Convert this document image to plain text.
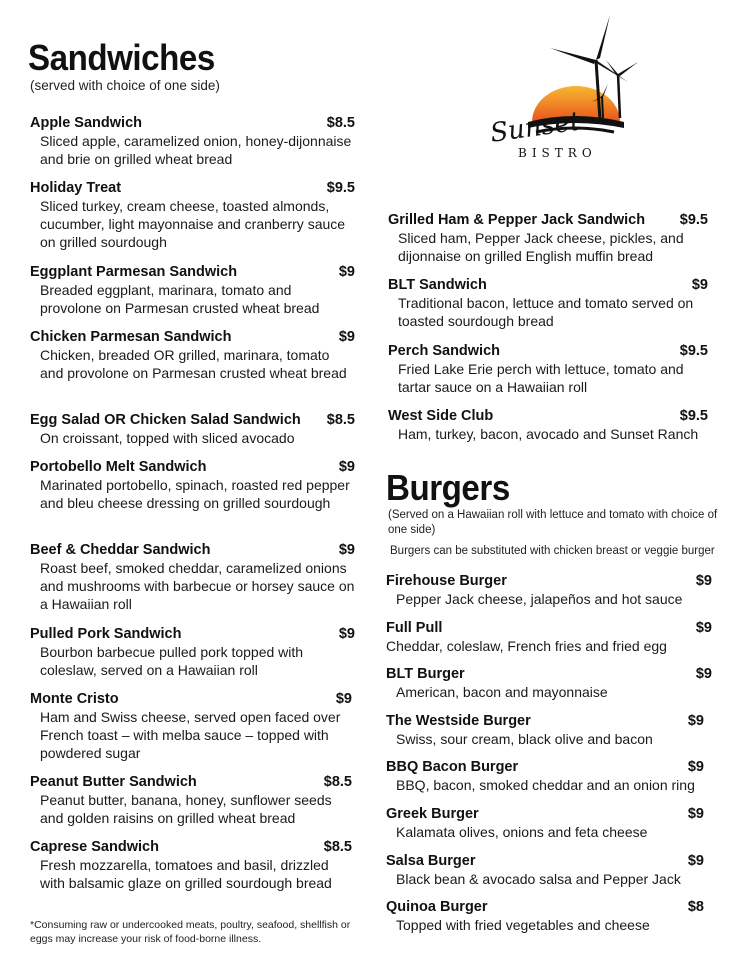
Sandwiches
(served with choice of one side)
Apple Sandwich	$8.5
Sliced apple, caramelized onion, honey-dijonnaise and brie on grilled wheat bread
Holiday Treat	$9.5
Sliced turkey, cream cheese, toasted almonds, cucumber, light mayonnaise and cranberry sauce on grilled sourdough
Eggplant Parmesan Sandwich	$9
Breaded eggplant, marinara, tomato and provolone on Parmesan crusted wheat bread
Chicken Parmesan Sandwich	$9
Chicken, breaded OR grilled, marinara, tomato and provolone on Parmesan crusted wheat bread
Egg Salad OR Chicken Salad Sandwich $8.5
On croissant, topped with sliced avocado
Portobello Melt Sandwich	$9
Marinated portobello, spinach, roasted red pepper and bleu cheese dressing on grilled sourdough
Beef & Cheddar Sandwich	$9
Roast beef, smoked cheddar, caramelized onions and mushrooms with barbecue or horsey sauce on a Hawaiian roll
Pulled Pork Sandwich	$9
Bourbon barbecue pulled pork topped with coleslaw, served on a Hawaiian roll
Monte Cristo	$9
Ham and Swiss cheese, served open faced over French toast – with melba sauce – topped with powdered sugar
Peanut Butter Sandwich	$8.5
Peanut butter, banana, honey, sunflower seeds and golden raisins on grilled wheat bread
Caprese Sandwich	$8.5
Fresh mozzarella, tomatoes and basil, drizzled with balsamic glaze on grilled sourdough bread
*Consuming raw or undercooked meats, poultry, seafood, shellfish or eggs may increase your risk of food-borne illness.
Sunset
BISTRO
Grilled Ham & Pepper Jack Sandwich $9.5
Sliced ham, Pepper Jack cheese, pickles, and dijonnaise on grilled English muffin bread
BLT Sandwich	$9
Traditional bacon, lettuce and tomato served on toasted sourdough bread
Perch Sandwich	$9.5
Fried Lake Erie perch with lettuce, tomato and tartar sauce on a Hawaiian roll
West Side Club	$9.5
Ham, turkey, bacon, avocado and Sunset Ranch
Burgers
(Served on a Hawaiian roll with lettuce and tomato with choice of one side)
Burgers can be substituted with chicken breast or veggie burger
Firehouse Burger	$9
Pepper Jack cheese, jalapeños and hot sauce
Full Pull	$9
Cheddar, coleslaw, French fries and fried egg
BLT Burger	$9
American, bacon and mayonnaise
The Westside Burger	$9
Swiss, sour cream, black olive and bacon
BBQ Bacon Burger	$9
BBQ, bacon, smoked cheddar and an onion ring
Greek Burger	$9
Kalamata olives, onions and feta cheese
Salsa Burger	$9
Black bean & avocado salsa and Pepper Jack
Quinoa Burger	$8
Topped with fried vegetables and cheese
